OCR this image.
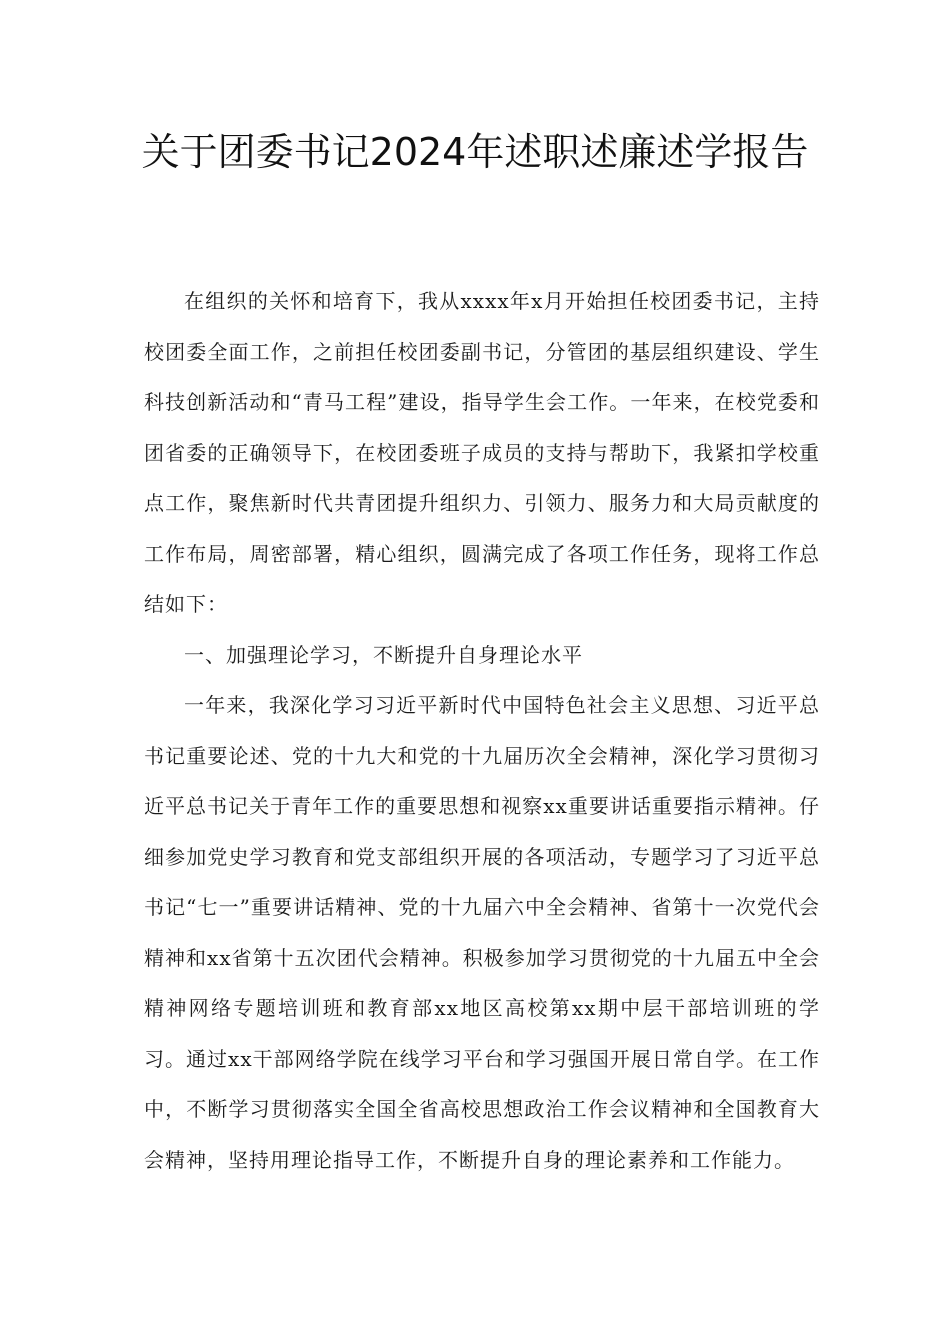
关于团委书记2024年述职述廉述学报告

在组织的关怀和培育下，我从xxxx年x月开始担任校团委书记，主持校团委全面工作，之前担任校团委副书记，分管团的基层组织建设、学生科技创新活动和“青马工程”建设，指导学生会工作。一年来，在校党委和团省委的正确领导下，在校团委班子成员的支持与帮助下，我紧扣学校重点工作，聚焦新时代共青团提升组织力、引领力、服务力和大局贡献度的工作布局，周密部署，精心组织，圆满完成了各项工作任务，现将工作总结如下：

一、加强理论学习，不断提升自身理论水平

一年来，我深化学习习近平新时代中国特色社会主义思想、习近平总书记重要论述、党的十九大和党的十九届历次全会精神，深化学习贯彻习近平总书记关于青年工作的重要思想和视察xx重要讲话重要指示精神。仔细参加党史学习教育和党支部组织开展的各项活动，专题学习了习近平总书记“七一”重要讲话精神、党的十九届六中全会精神、省第十一次党代会精神和xx省第十五次团代会精神。积极参加学习贯彻党的十九届五中全会精神网络专题培训班和教育部xx地区高校第xx期中层干部培训班的学习。通过xx干部网络学院在线学习平台和学习强国开展日常自学。在工作中，不断学习贯彻落实全国全省高校思想政治工作会议精神和全国教育大会精神，坚持用理论指导工作，不断提升自身的理论素养和工作能力。
